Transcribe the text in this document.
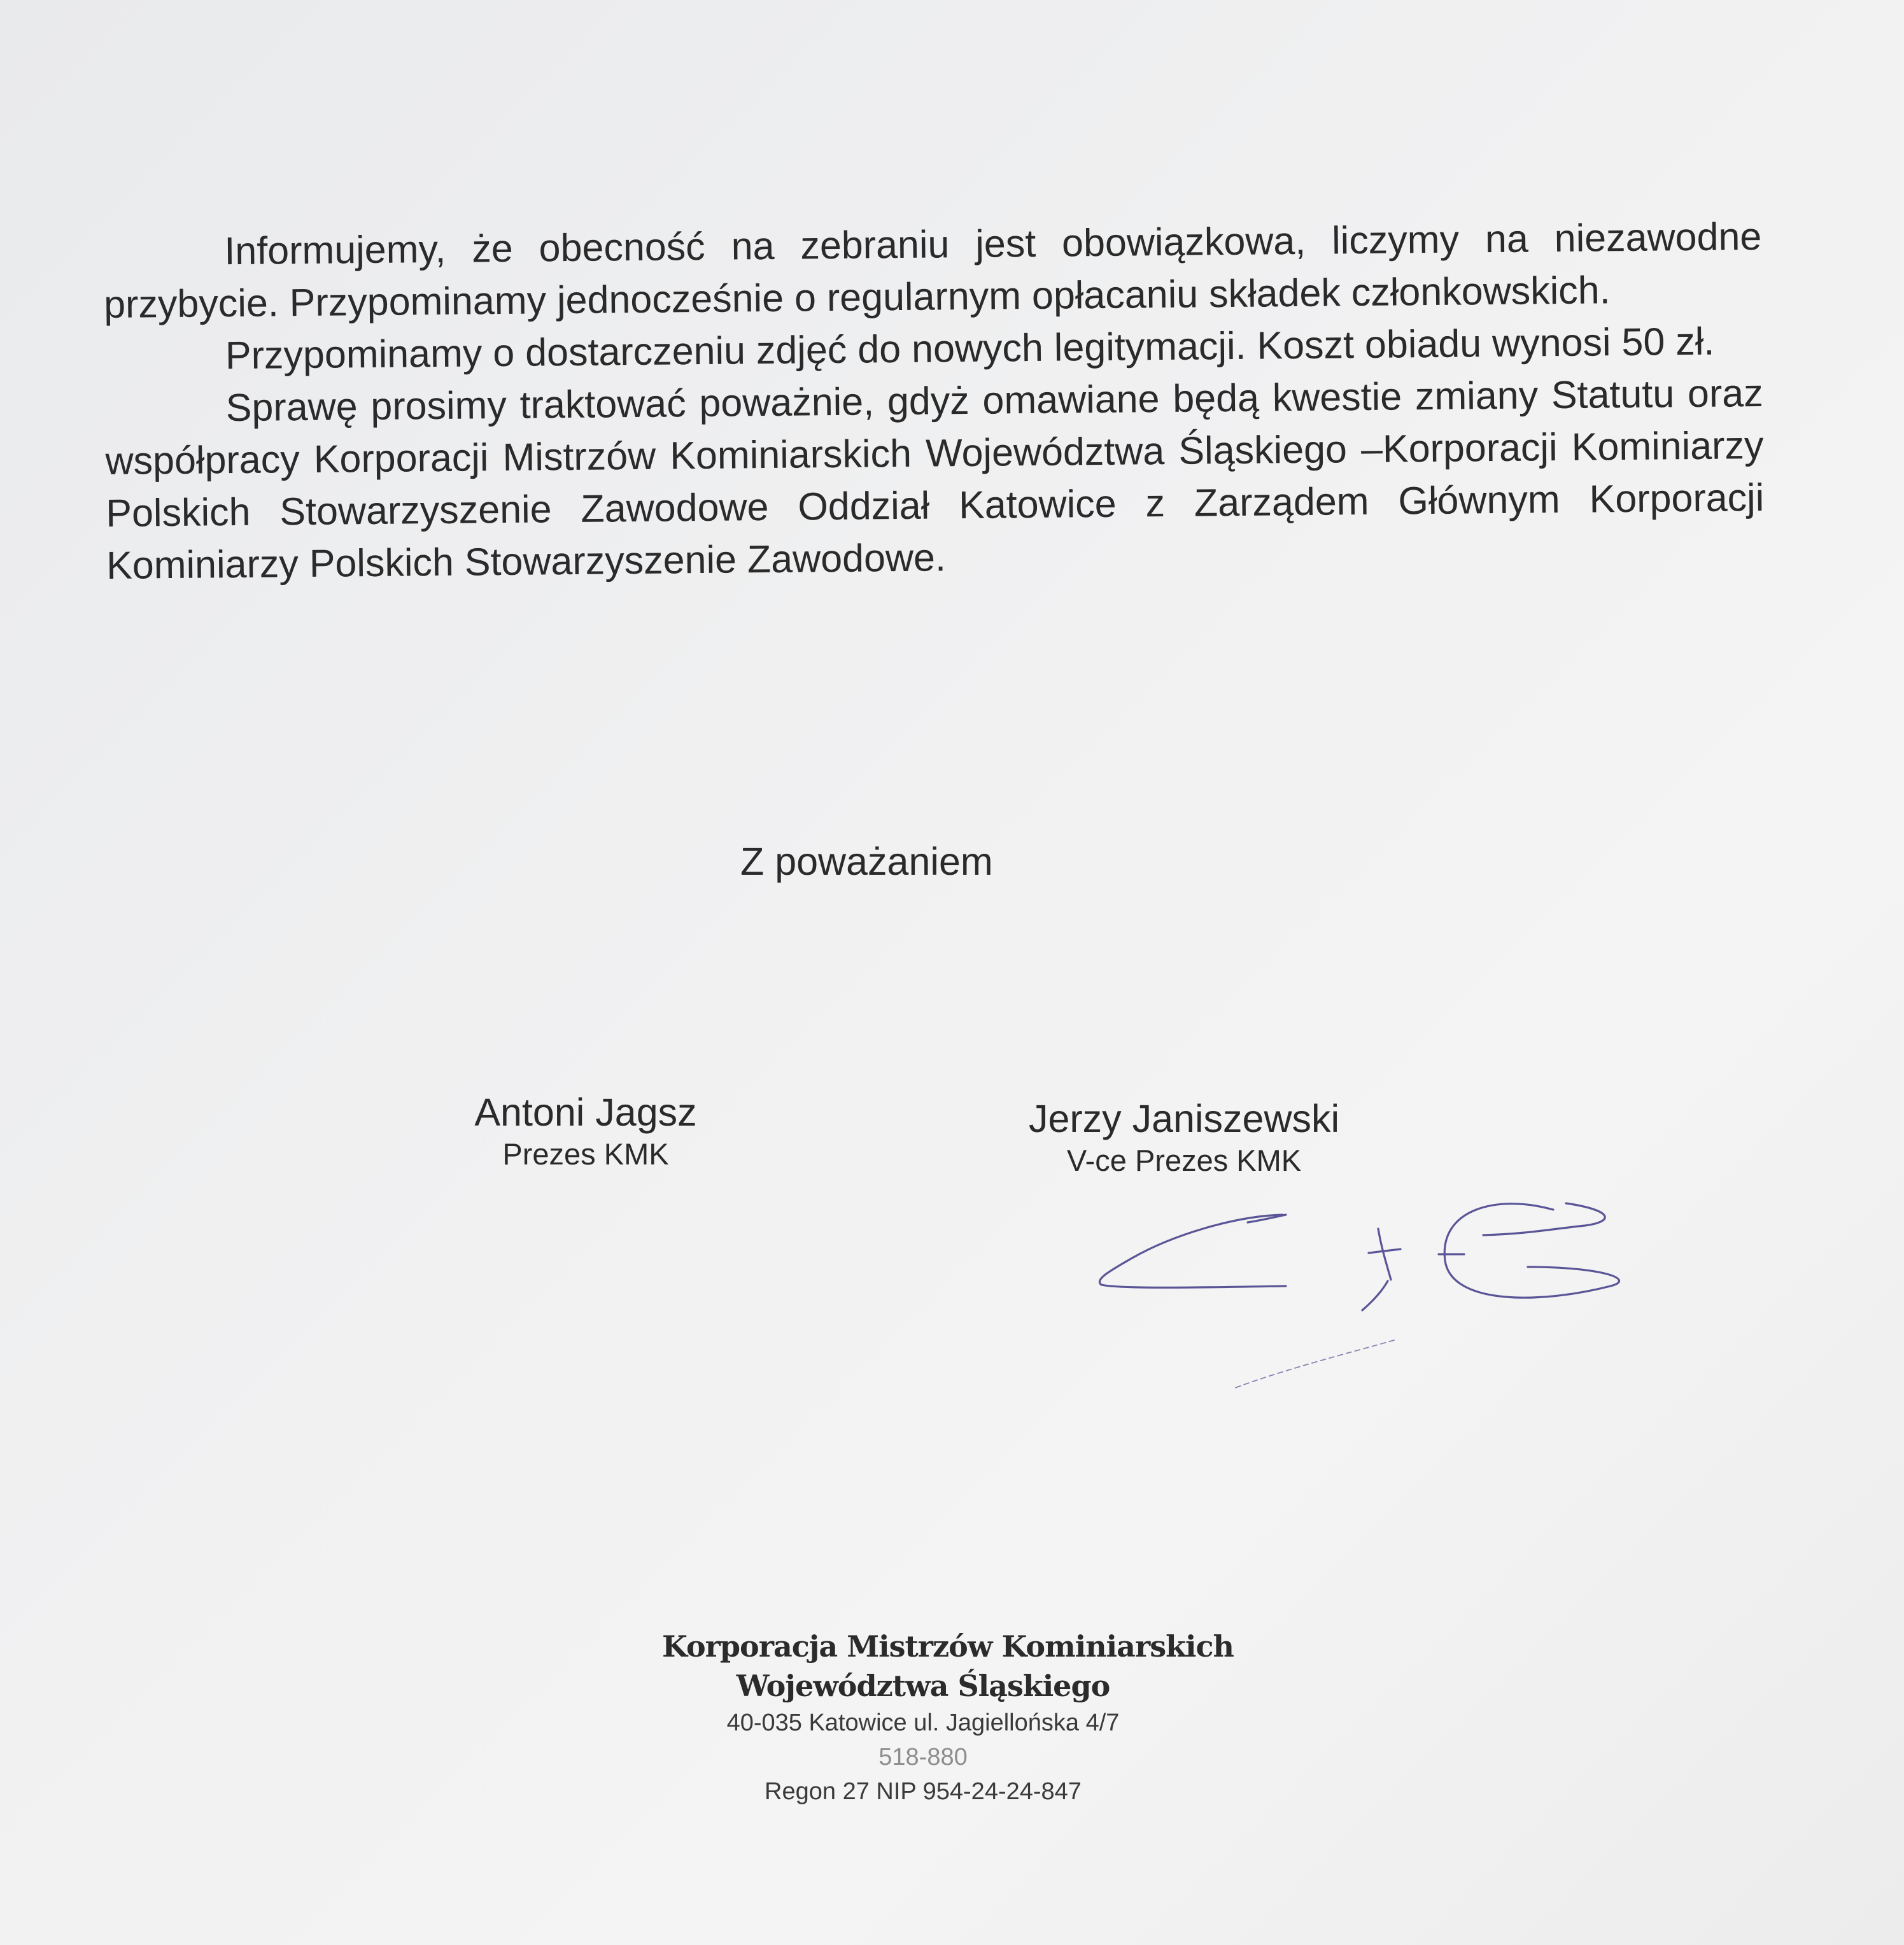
Informujemy, że obecność na zebraniu jest obowiązkowa, liczymy na niezawodne przybycie. Przypominamy jednocześnie o regularnym opłacaniu składek członkowskich.

Przypominamy o dostarczeniu zdjęć do nowych legitymacji. Koszt obiadu wynosi 50 zł.

Sprawę prosimy traktować poważnie, gdyż omawiane będą kwestie zmiany Statutu oraz współpracy Korporacji Mistrzów Kominiarskich Województwa Śląskiego –Korporacji Kominiarzy Polskich Stowarzyszenie Zawodowe Oddział Katowice z Zarządem Głównym Korporacji Kominiarzy Polskich Stowarzyszenie Zawodowe.

Z poważaniem
Antoni Jagsz
Prezes KMK
Jerzy Janiszewski
V-ce Prezes KMK
Korporacja Mistrzów Kominiarskich
Województwa Śląskiego
40-035 Katowice ul. Jagiellońska 4/7
518-880
Regon 27 NIP 954-24-24-847
